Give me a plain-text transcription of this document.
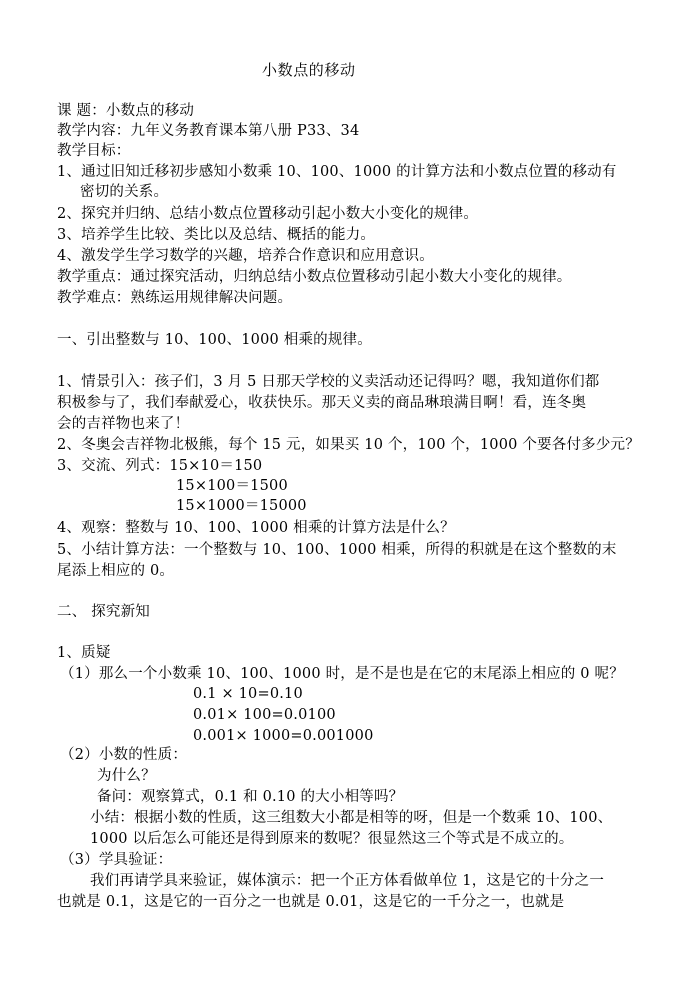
小数点的移动
课 题：小数点的移动
教学内容：九年义务教育课本第八册 P33、34
教学目标：
1、通过旧知迁移初步感知小数乘 10、100、1000 的计算方法和小数点位置的移动有
密切的关系。
2、探究并归纳、总结小数点位置移动引起小数大小变化的规律。
3、培养学生比较、类比以及总结、概括的能力。
4、激发学生学习数学的兴趣，培养合作意识和应用意识。
教学重点：通过探究活动，归纳总结小数点位置移动引起小数大小变化的规律。
教学难点：熟练运用规律解决问题。
一、引出整数与 10、100、1000 相乘的规律。
1、情景引入：孩子们，3 月 5 日那天学校的义卖活动还记得吗？嗯，我知道你们都
积极参与了，我们奉献爱心，收获快乐。那天义卖的商品琳琅满目啊！看，连冬奥
会的吉祥物也来了！
2、冬奥会吉祥物北极熊，每个 15 元，如果买 10 个，100 个，1000 个要各付多少元？
3、交流、列式：15×10＝150
15×100＝1500
15×1000＝15000
4、观察：整数与 10、100、1000 相乘的计算方法是什么？
5、小结计算方法：一个整数与 10、100、1000 相乘，所得的积就是在这个整数的末
尾添上相应的 0。
二、 探究新知
1、质疑
（1）那么一个小数乘 10、100、1000 时，是不是也是在它的末尾添上相应的 0 呢？
0.1 × 10=0.10
0.01× 100=0.0100
0.001× 1000=0.001000
（2）小数的性质：
为什么？
备问：观察算式，0.1 和 0.10 的大小相等吗？
小结：根据小数的性质，这三组数大小都是相等的呀，但是一个数乘 10、100、
1000 以后怎么可能还是得到原来的数呢？很显然这三个等式是不成立的。
（3）学具验证：
我们再请学具来验证，媒体演示：把一个正方体看做单位 1，这是它的十分之一
也就是 0.1，这是它的一百分之一也就是 0.01，这是它的一千分之一，也就是
